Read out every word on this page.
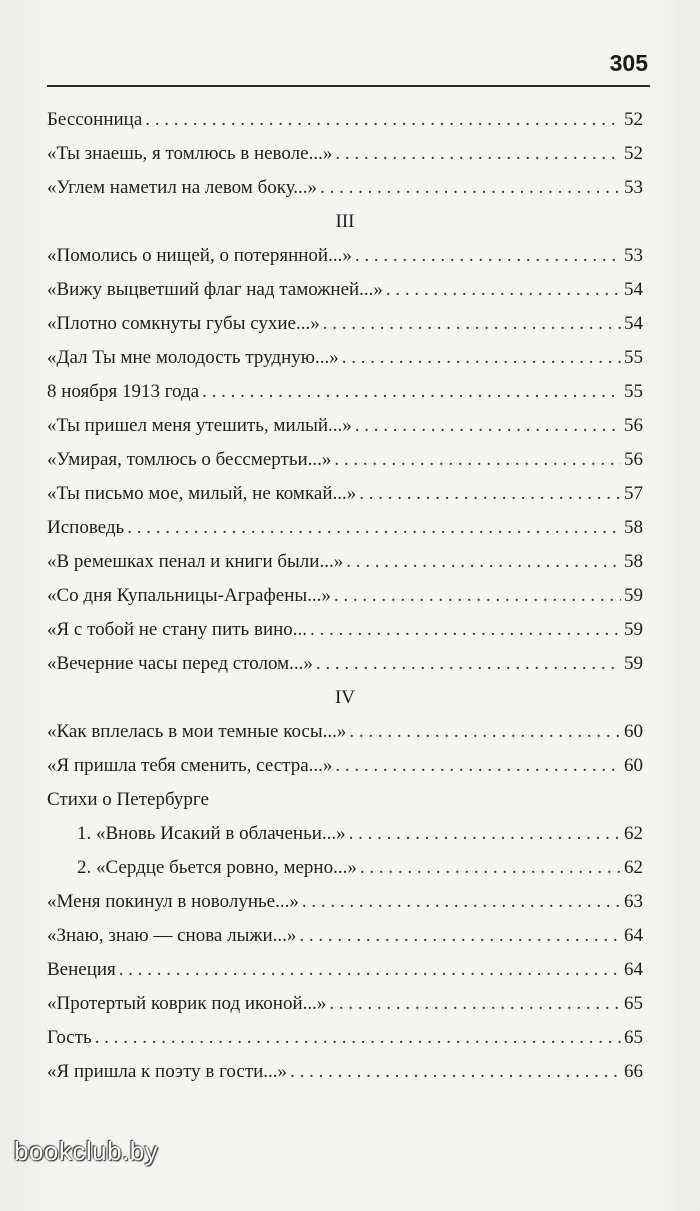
305
Бессонница . . .	52
«Ты знаешь, я томлюсь в неволе...» . . .	52
«Углем наметил на левом боку...» . . .	53
III
«Помолись о нищей, о потерянной...» . . .	53
«Вижу выцветший флаг над таможней...» . . .	54
«Плотно сомкнуты губы сухие...» . . .	54
«Дал Ты мне молодость трудную...» . . .	55
8 ноября 1913 года . . .	55
«Ты пришел меня утешить, милый...» . . .	56
«Умирая, томлюсь о бессмертьи...» . . .	56
«Ты письмо мое, милый, не комкай...» . . .	57
Исповедь . . .	58
«В ремешках пенал и книги были...» . . .	58
«Со дня Купальницы-Аграфены...» . . .	59
«Я с тобой не стану пить вино... . . .	59
«Вечерние часы перед столом...» . . .	59
IV
«Как вплелась в мои темные косы...» . . .	60
«Я пришла тебя сменить, сестра...» . . .	60
Стихи о Петербурге
1. «Вновь Исакий в облаченьи...» . . .	62
2. «Сердце бьется ровно, мерно...» . . .	62
«Меня покинул в новолунье...» . . .	63
«Знаю, знаю — снова лыжи...» . . .	64
Венеция . . .	64
«Протертый коврик под иконой...» . . .	65
Гость . . .	65
«Я пришла к поэту в гости...» . . .	66
bookclub.by
